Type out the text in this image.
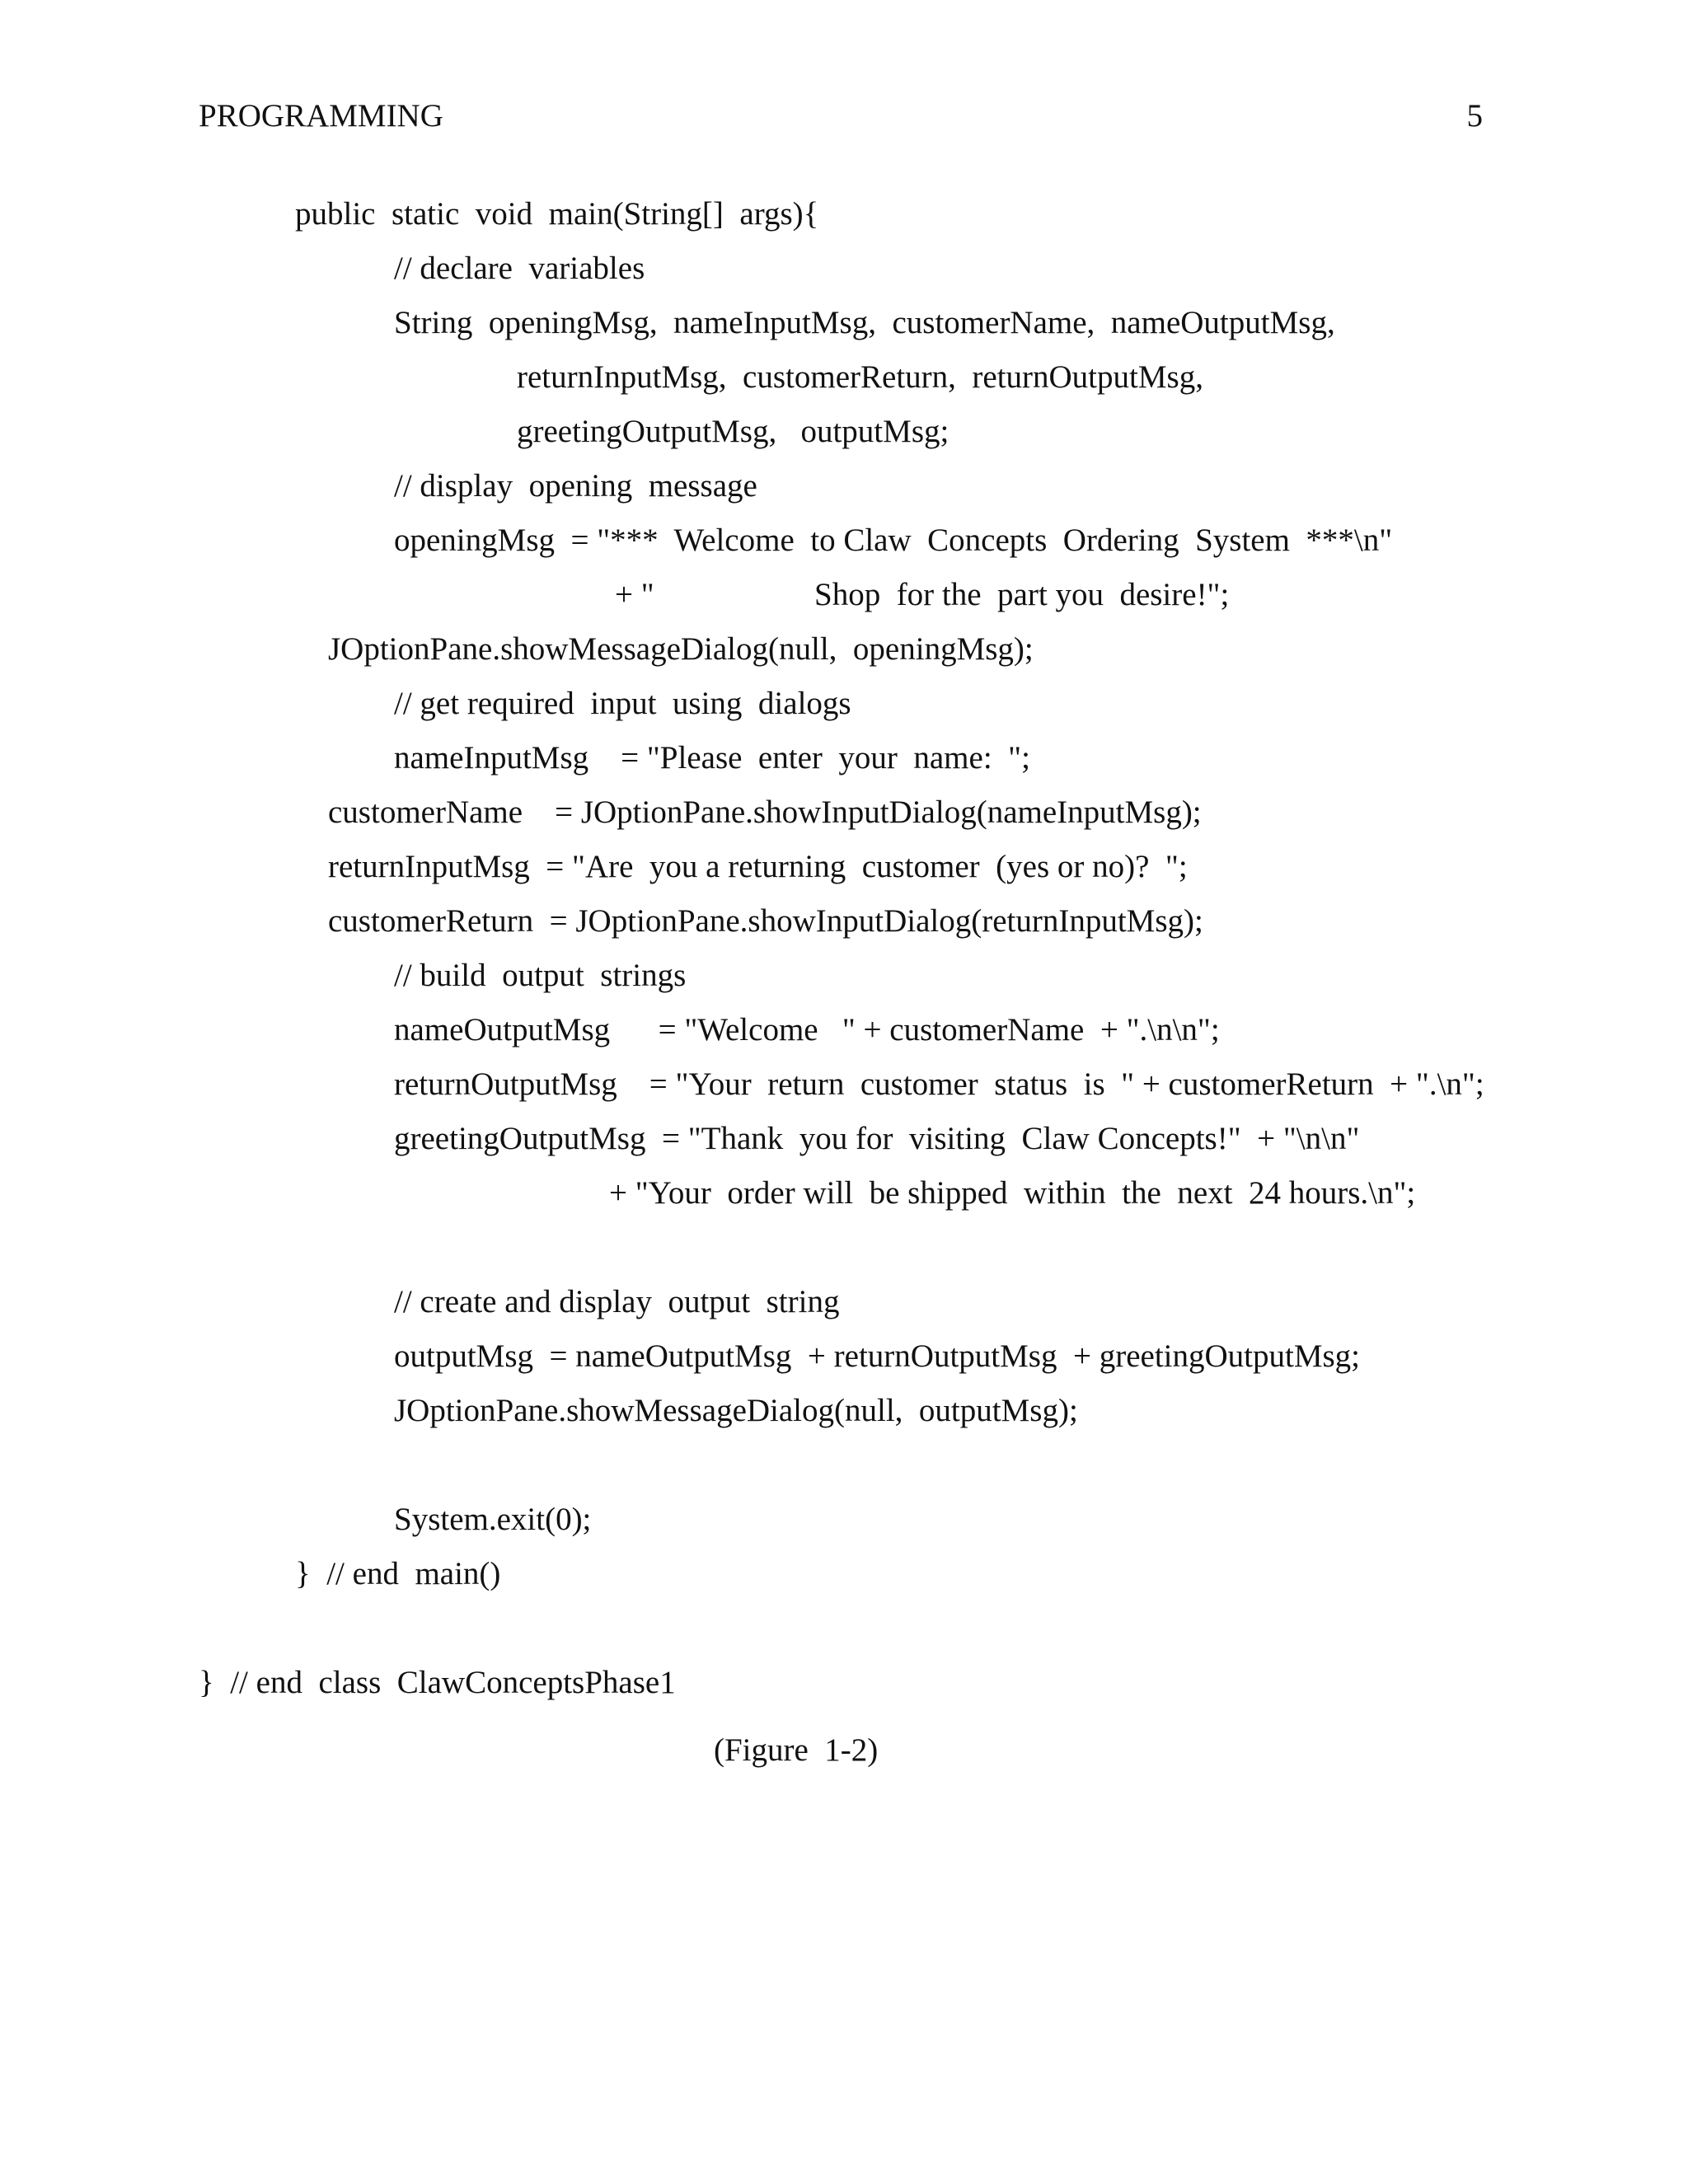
PROGRAMMING	5
public  static  void  main(String[]  args){
// declare  variables
String  openingMsg,  nameInputMsg,  customerName,  nameOutputMsg,
returnInputMsg,  customerReturn,  returnOutputMsg,
greetingOutputMsg,   outputMsg;
// display  opening  message
openingMsg  = "***  Welcome  to Claw  Concepts  Ordering  System  ***\n"
+ "	Shop  for the  part you  desire!";
JOptionPane.showMessageDialog(null,  openingMsg);
// get required  input  using  dialogs
nameInputMsg    = "Please  enter  your  name:  ";
customerName    = JOptionPane.showInputDialog(nameInputMsg);
returnInputMsg  = "Are  you a returning  customer  (yes or no)?  ";
customerReturn  = JOptionPane.showInputDialog(returnInputMsg);
// build  output  strings
nameOutputMsg      = "Welcome   " + customerName  + ".\n\n";
returnOutputMsg    = "Your  return  customer  status  is  " + customerReturn  + ".\n";
greetingOutputMsg  = "Thank  you for  visiting  Claw Concepts!"  + "\n\n"
+ "Your  order will  be shipped  within  the  next  24 hours.\n";
// create and display  output  string
outputMsg  = nameOutputMsg  + returnOutputMsg  + greetingOutputMsg;
JOptionPane.showMessageDialog(null,  outputMsg);
System.exit(0);
}  // end  main()
}  // end  class  ClawConceptsPhase1
(Figure  1-2)
